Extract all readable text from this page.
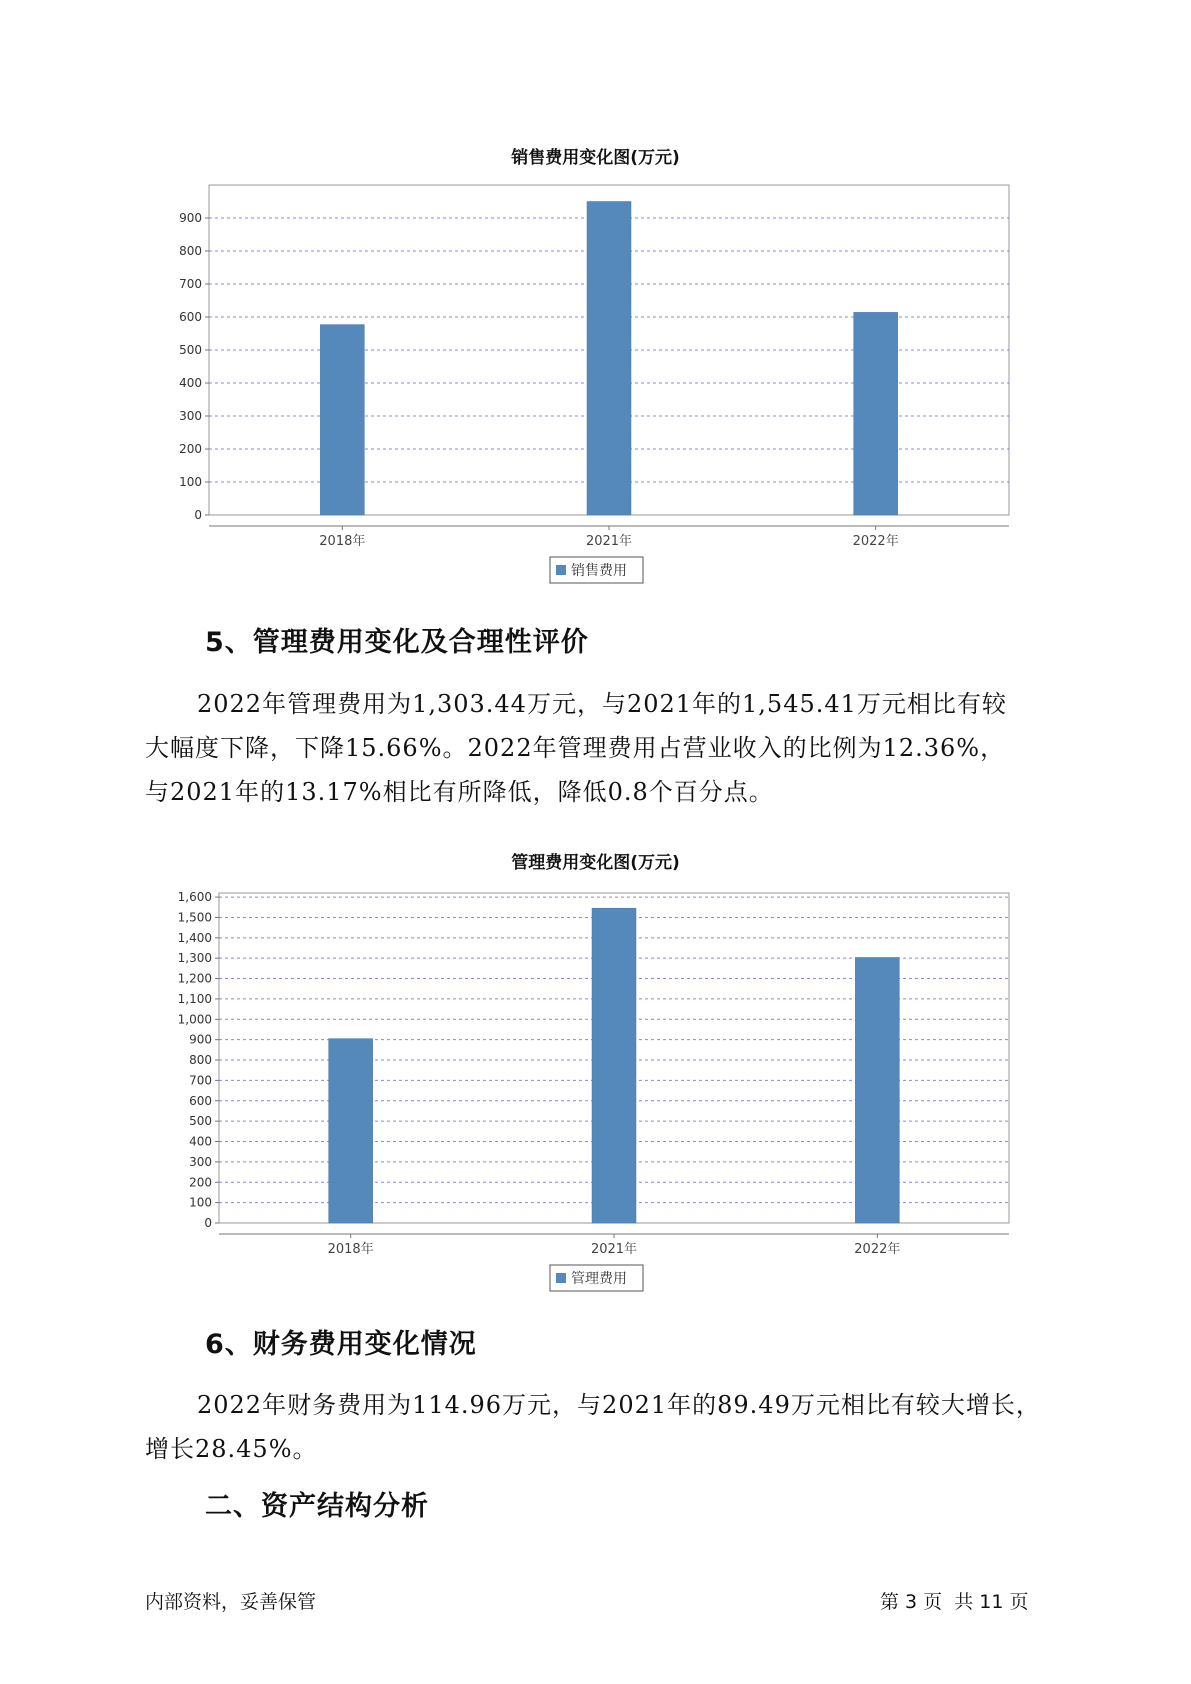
销售费用变化图(万元)
0
100
200
300
400
500
600
700
800
900
2018年	2021年	2022年
销售费用
5、管理费用变化及合理性评价
2022年管理费用为1,303.44万元，与2021年的1,545.41万元相比有较
大幅度下降，下降15.66%。2022年管理费用占营业收入的比例为12.36%，
与2021年的13.17%相比有所降低，降低0.8个百分点。
管理费用变化图(万元)
0
100
200
300
400
500
600
700
800
900
1,000
1,100
1,200
1,300
1,400
1,500
1,600
2018年	2021年	2022年
管理费用
6、财务费用变化情况
2022年财务费用为114.96万元，与2021年的89.49万元相比有较大增长，
增长28.45%。
二、资产结构分析
内部资料，妥善保管	第 3 页  共 11 页
